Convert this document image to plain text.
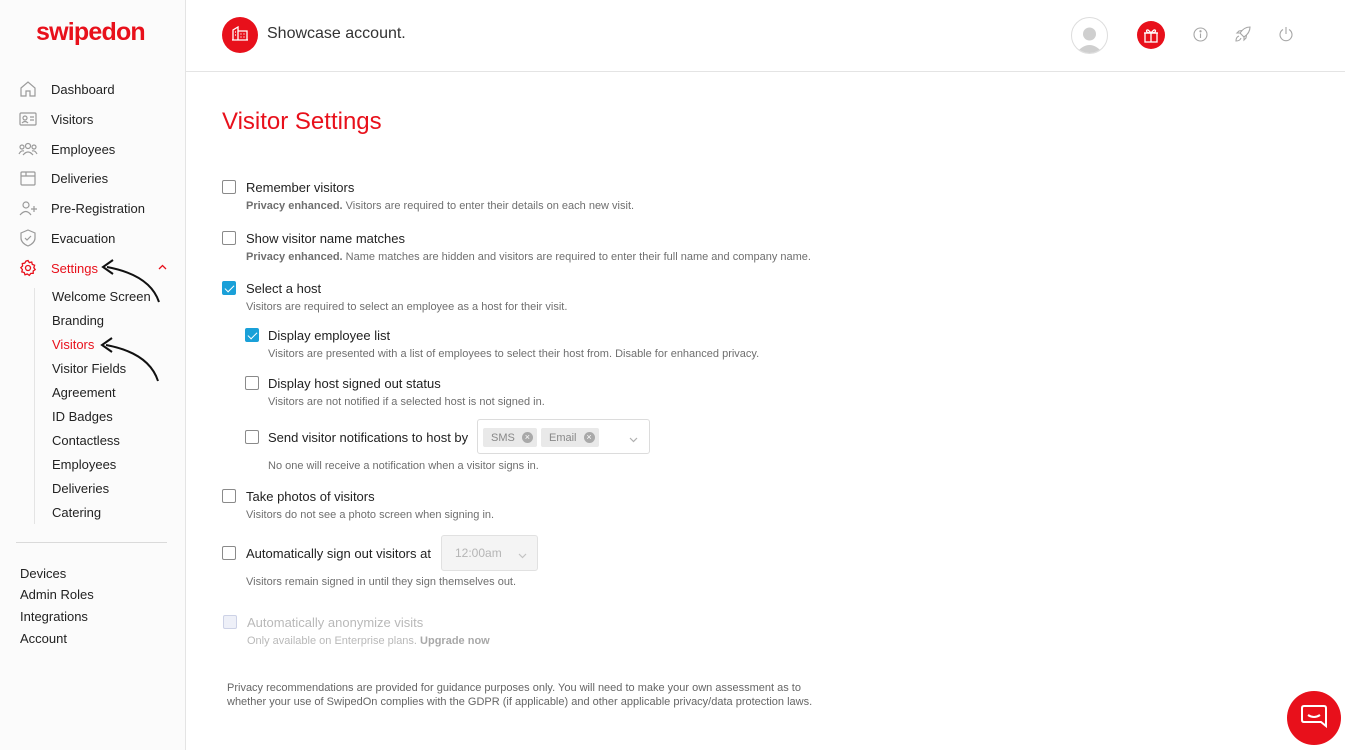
swipedon
Dashboard
Visitors
Employees
Deliveries
Pre-Registration
Evacuation
Settings
Welcome Screen
Branding
Visitors
Visitor Fields
Agreement
ID Badges
Contactless
Employees
Deliveries
Catering
Devices
Admin Roles
Integrations
Account
Showcase account.
Visitor Settings
Remember visitors
Privacy enhanced. Visitors are required to enter their details on each new visit.
Show visitor name matches
Privacy enhanced. Name matches are hidden and visitors are required to enter their full name and company name.
Select a host
Visitors are required to select an employee as a host for their visit.
Display employee list
Visitors are presented with a list of employees to select their host from. Disable for enhanced privacy.
Display host signed out status
Visitors are not notified if a selected host is not signed in.
Send visitor notifications to host by SMS	× Email	×
No one will receive a notification when a visitor signs in.
Take photos of visitors
Visitors do not see a photo screen when signing in.
Automatically sign out visitors at 12:00am
Visitors remain signed in until they sign themselves out.
Automatically anonymize visits
Only available on Enterprise plans. Upgrade now
Privacy recommendations are provided for guidance purposes only. You will need to make your own assessment as to whether your use of SwipedOn complies with the GDPR (if applicable) and other applicable privacy/data protection laws.
